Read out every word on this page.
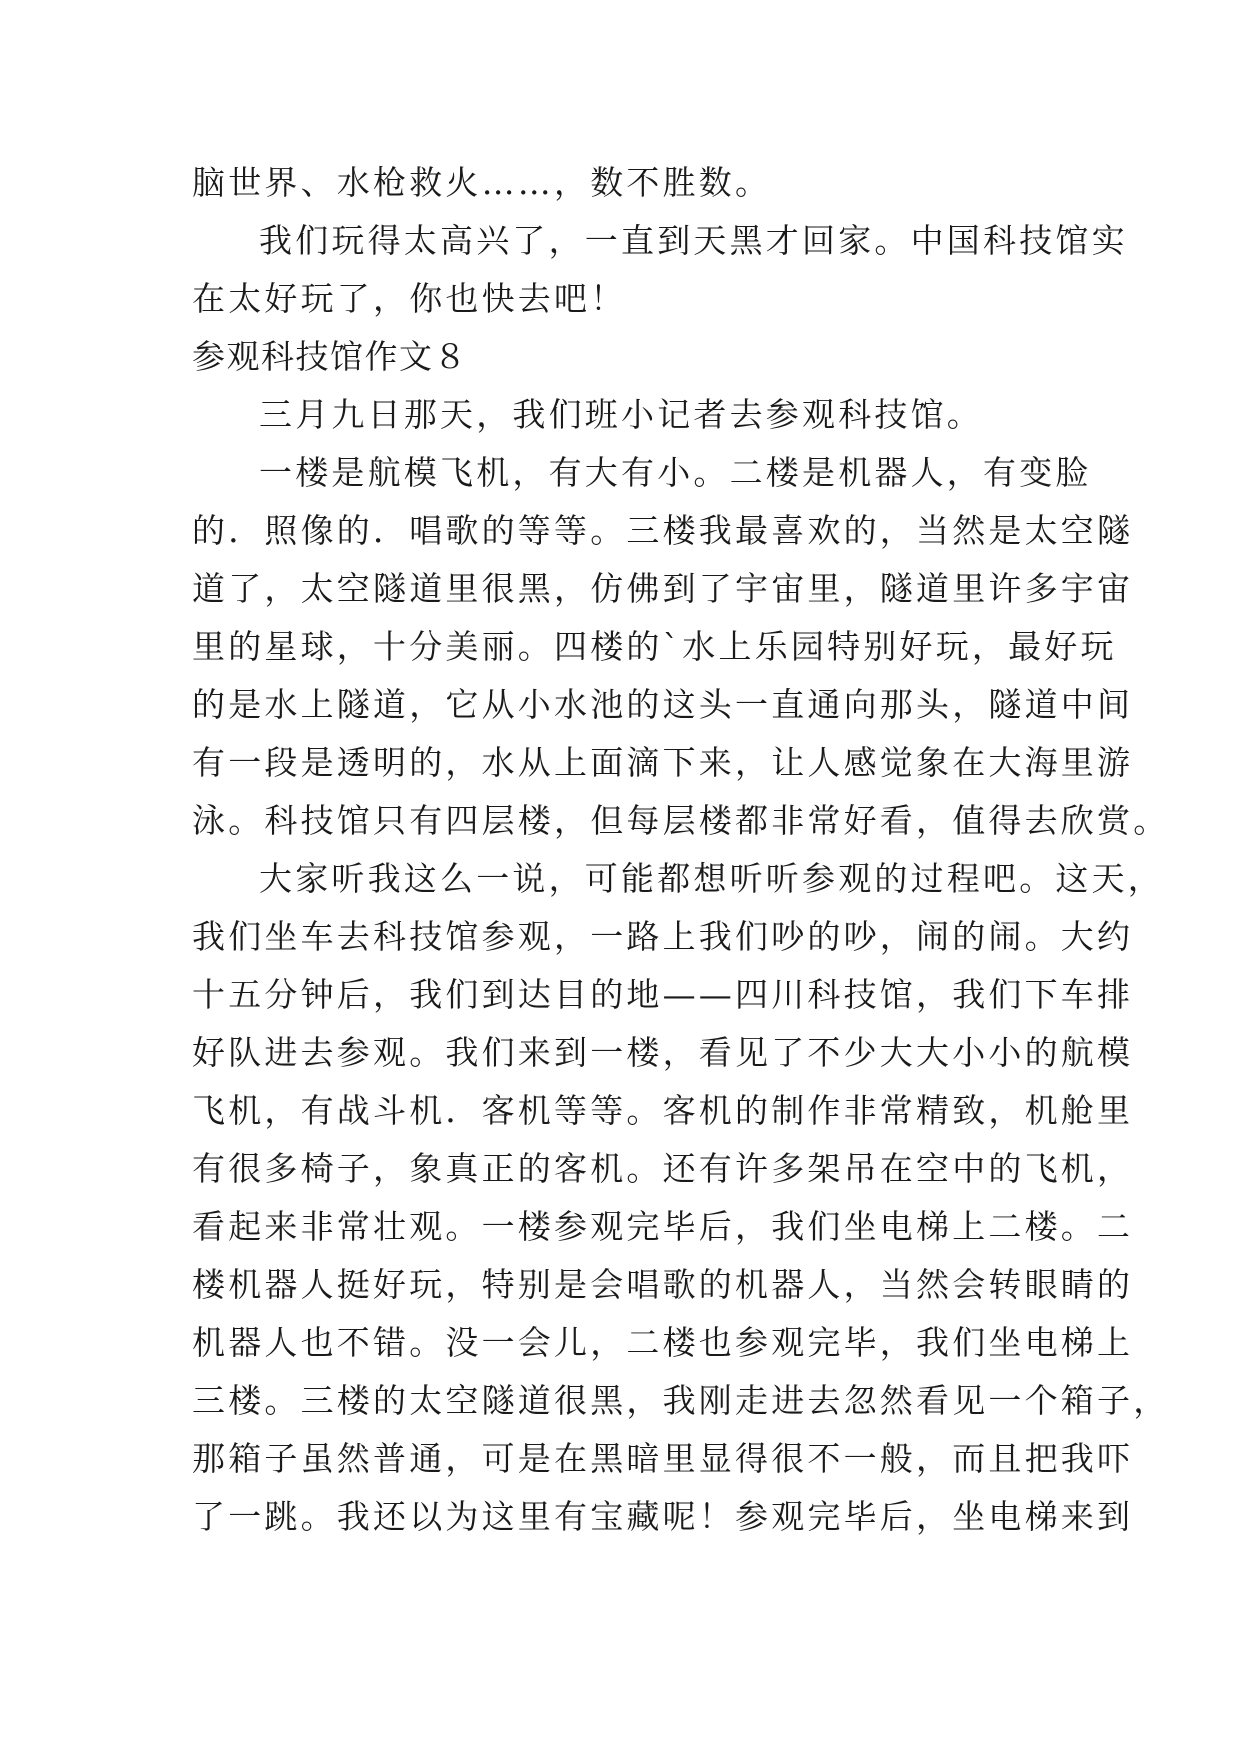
脑世界、水枪救火……，数不胜数。
我们玩得太高兴了，一直到天黑才回家。中国科技馆实
在太好玩了，你也快去吧！
参观科技馆作文８
三月九日那天，我们班小记者去参观科技馆。
一楼是航模飞机，有大有小。二楼是机器人，有变脸
的．照像的．唱歌的等等。三楼我最喜欢的，当然是太空隧
道了，太空隧道里很黑，仿佛到了宇宙里，隧道里许多宇宙
里的星球，十分美丽。四楼的`水上乐园特别好玩，最好玩
的是水上隧道，它从小水池的这头一直通向那头，隧道中间
有一段是透明的，水从上面滴下来，让人感觉象在大海里游
泳。科技馆只有四层楼，但每层楼都非常好看，值得去欣赏。
大家听我这么一说，可能都想听听参观的过程吧。这天，
我们坐车去科技馆参观，一路上我们吵的吵，闹的闹。大约
十五分钟后，我们到达目的地——四川科技馆，我们下车排
好队进去参观。我们来到一楼，看见了不少大大小小的航模
飞机，有战斗机．客机等等。客机的制作非常精致，机舱里
有很多椅子，象真正的客机。还有许多架吊在空中的飞机，
看起来非常壮观。一楼参观完毕后，我们坐电梯上二楼。二
楼机器人挺好玩，特别是会唱歌的机器人，当然会转眼睛的
机器人也不错。没一会儿，二楼也参观完毕，我们坐电梯上
三楼。三楼的太空隧道很黑，我刚走进去忽然看见一个箱子，
那箱子虽然普通，可是在黑暗里显得很不一般，而且把我吓
了一跳。我还以为这里有宝藏呢！参观完毕后，坐电梯来到
